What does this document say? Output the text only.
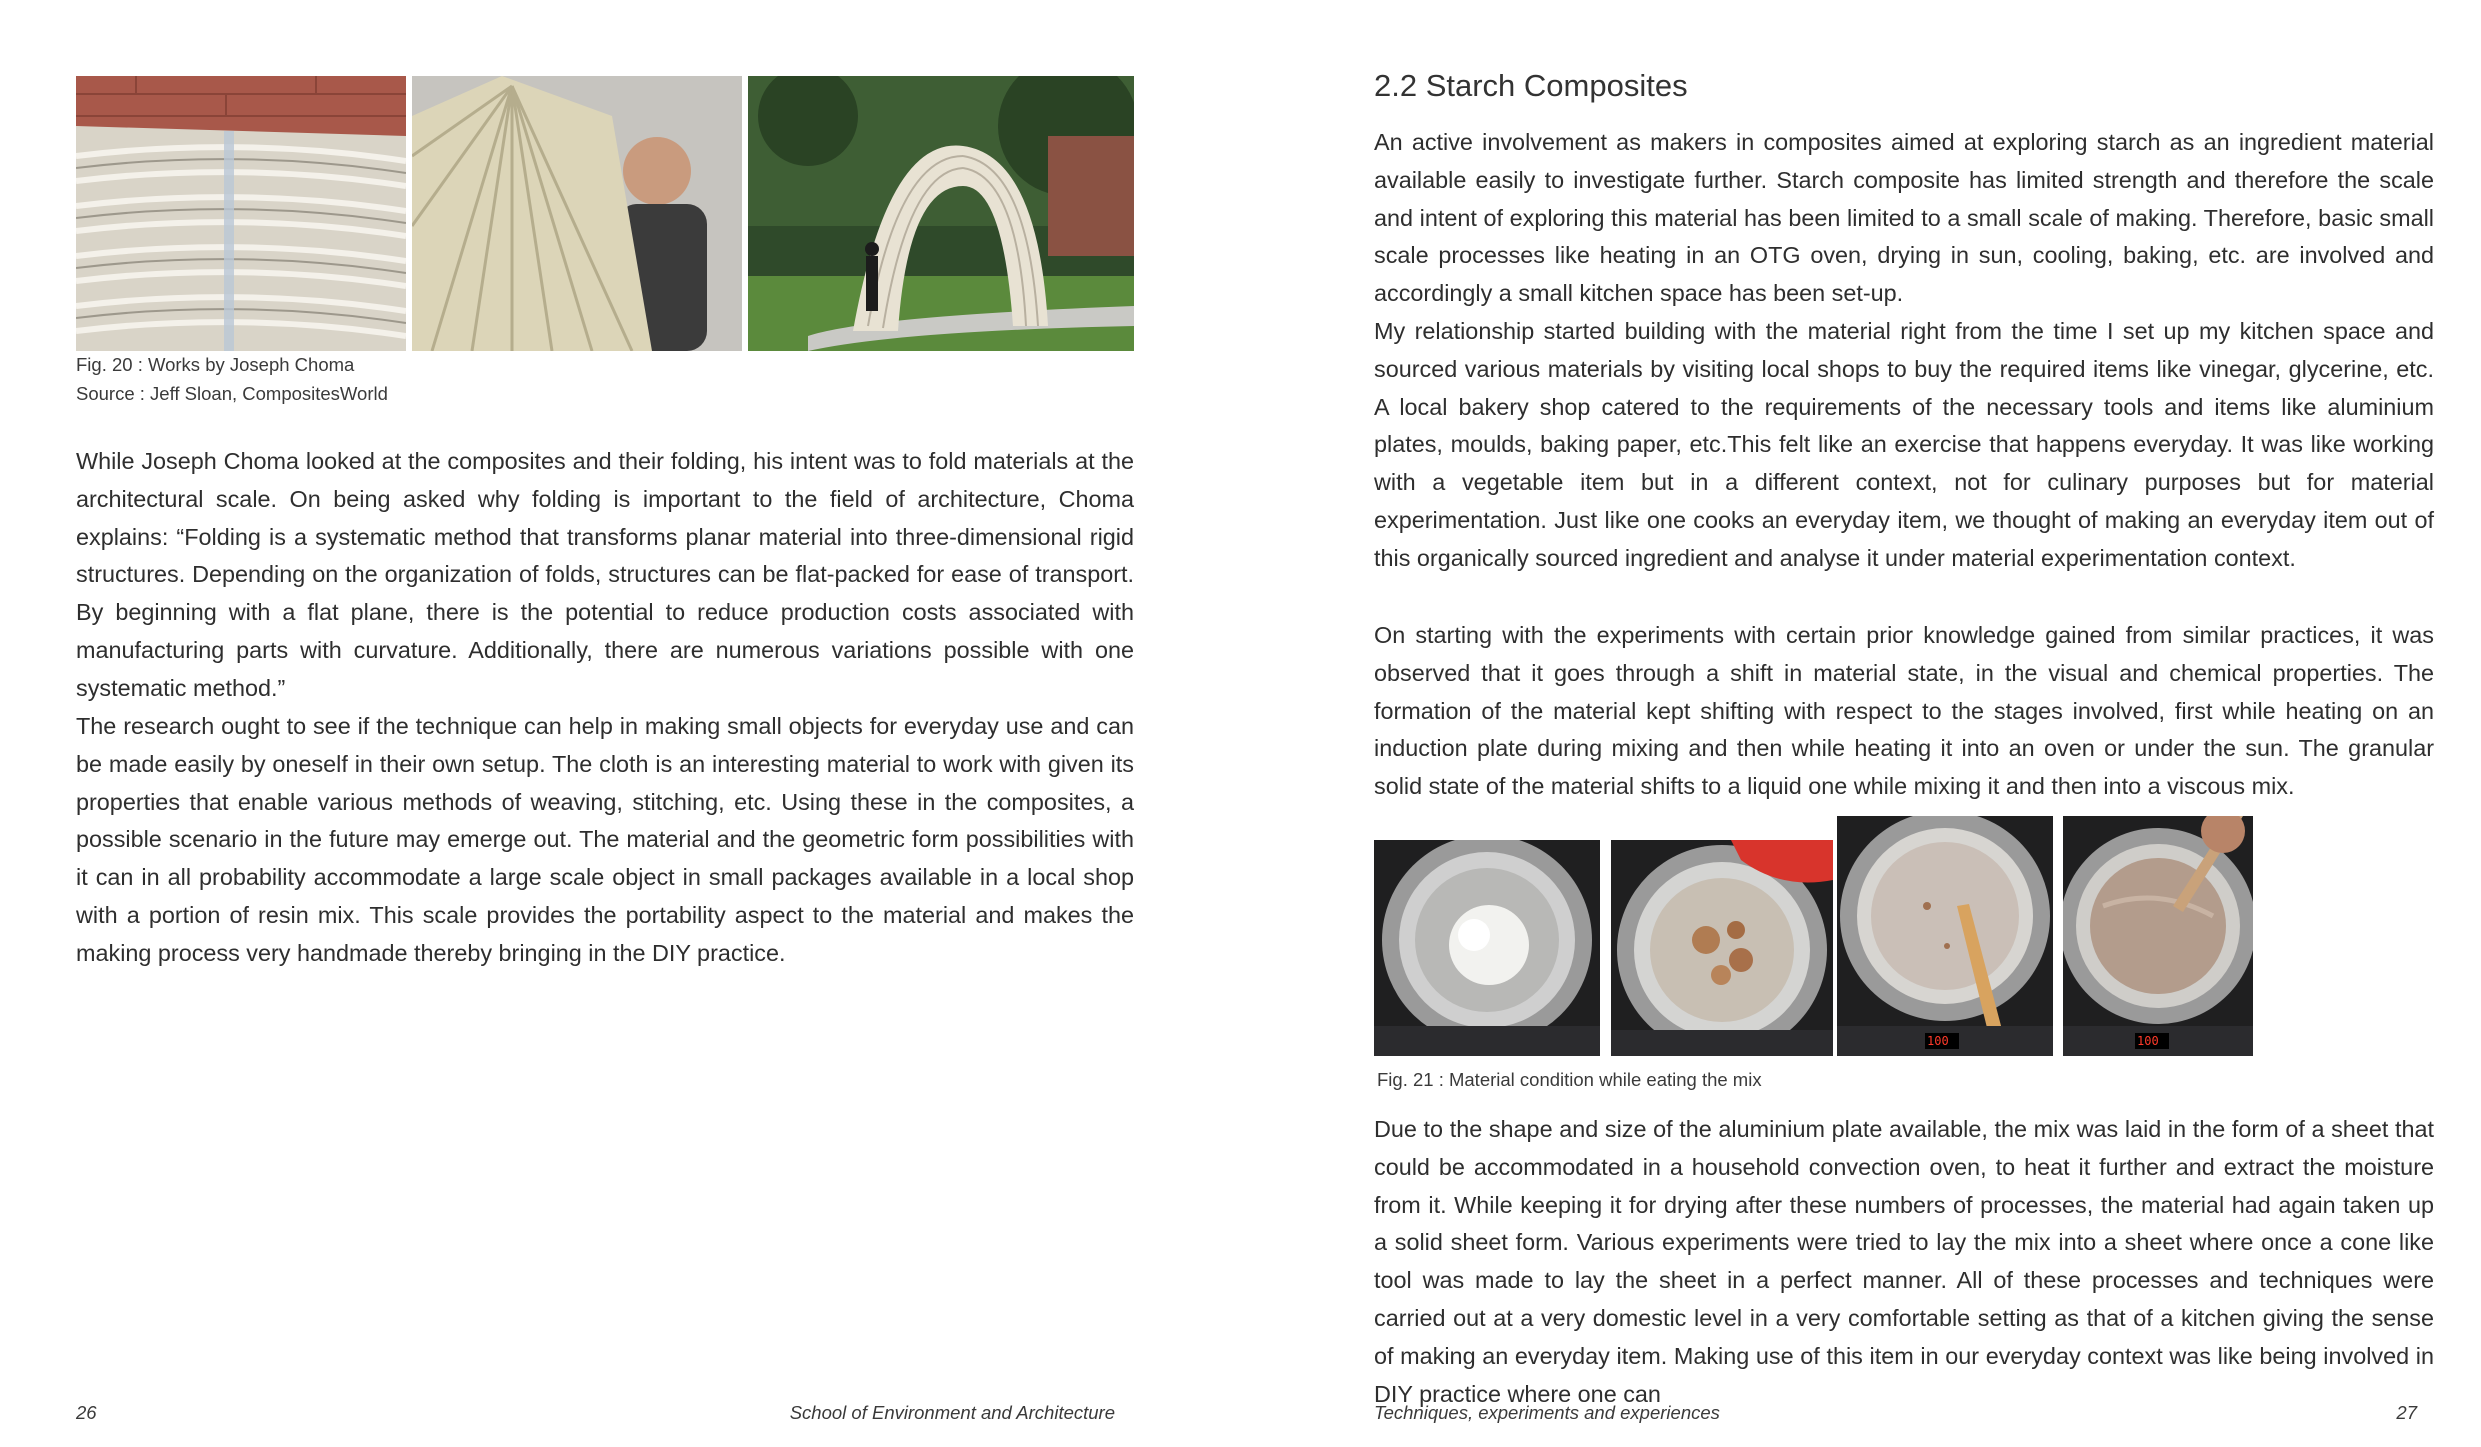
Fig. 20 : Works by Joseph Choma
Source : Jeff Sloan, CompositesWorld

While Joseph Choma looked at the composites and their folding, his intent was to fold materials at the architectural scale. On being asked why folding is important to the field of architecture, Choma explains: “Folding is a systematic method that transforms planar material into three-dimensional rigid structures. Depending on the organization of folds, structures can be flat-packed for ease of transport. By beginning with a flat plane, there is the potential to reduce production costs associated with manufacturing parts with curvature. Additionally, there are numerous variations possible with one systematic method.”

The research ought to see if the technique can help in making small objects for everyday use and can be made easily by oneself in their own setup. The cloth is an interesting material to work with given its properties that enable various methods of weaving, stitching, etc. Using these in the composites, a possible scenario in the future may emerge out. The material and the geometric form possibilities with it can in all probability accommodate a large scale object in small packages available in a local shop with a portion of resin mix. This scale provides the portability aspect to the material and makes the making process very handmade thereby bringing in the DIY practice.

26	School of Environment and Architecture
2.2 Starch Composites

An active involvement as makers in composites aimed at exploring starch as an ingredient material available easily to investigate further. Starch composite has limited strength and therefore the scale and intent of exploring this material has been limited to a small scale of making. Therefore, basic small scale processes like heating in an OTG oven, drying in sun, cooling, baking, etc. are involved and accordingly a small kitchen space has been set-up.

My relationship started building with the material right from the time I set up my kitchen space and sourced various materials by visiting local shops to buy the required items like vinegar, glycerine, etc. A local bakery shop catered to the requirements of the necessary tools and items like aluminium plates, moulds, baking paper, etc.This felt like an exercise that happens everyday. It was like working with a vegetable item but in a different context, not for culinary purposes but for material experimentation. Just like one cooks an everyday item, we thought of making an everyday item out of this organically sourced ingredient and analyse it under material experimentation context.

On starting with the experiments with certain prior knowledge gained from similar practices, it was observed that it goes through a shift in material state, in the visual and chemical properties. The formation of the material kept shifting with respect to the stages involved, first while heating on an induction plate during mixing and then while heating it into an oven or under the sun. The granular solid state of the material shifts to a liquid one while mixing it and then into a viscous mix.

100	100
Fig. 21 : Material condition while eating the mix

Due to the shape and size of the aluminium plate available, the mix was laid in the form of a sheet that could be accommodated in a household convection oven, to heat it further and extract the moisture from it. While keeping it for drying after these numbers of processes, the material had again taken up a solid sheet form. Various experiments were tried to lay the mix into a sheet where once a cone like tool was made to lay the sheet in a perfect manner. All of these processes and techniques were carried out at a very domestic level in a very comfortable setting as that of a kitchen giving the sense of making an everyday item. Making use of this item in our everyday context was like being involved in DIY practice where one can

Techniques, experiments and experiences	27
